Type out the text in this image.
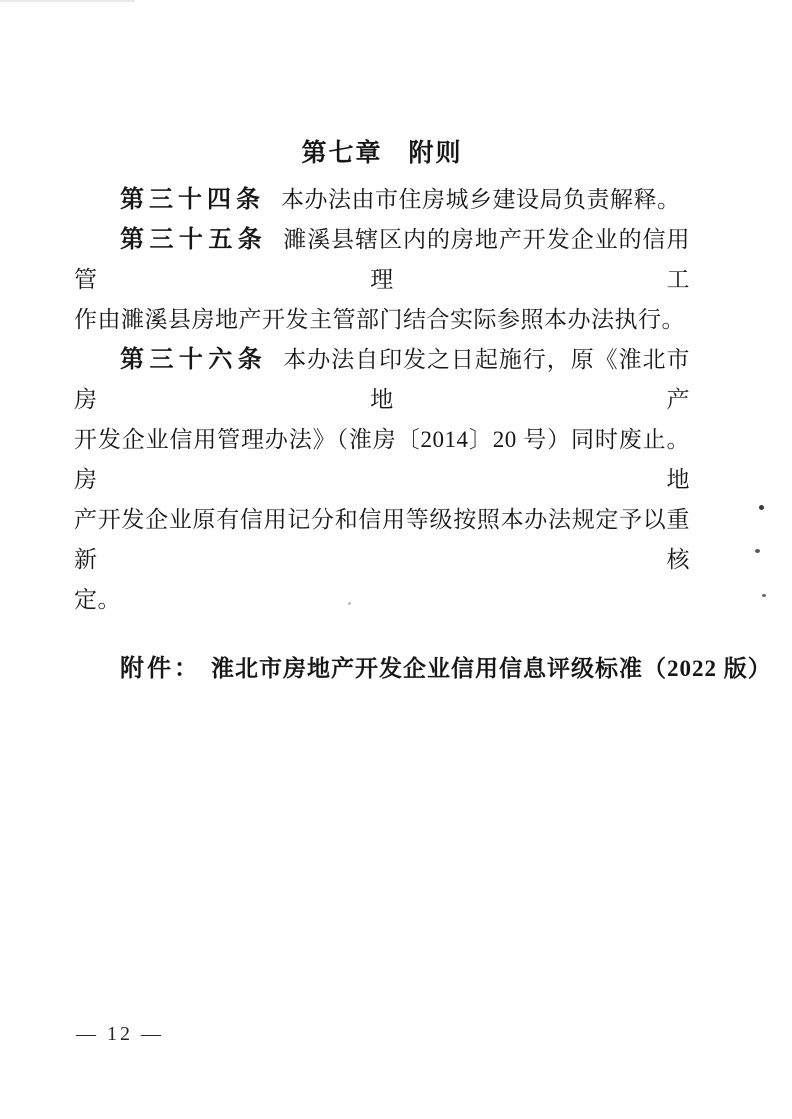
第七章 附则
第三十四条 本办法由市住房城乡建设局负责解释。
第三十五条 濉溪县辖区内的房地产开发企业的信用管理工
作由濉溪县房地产开发主管部门结合实际参照本办法执行。
第三十六条 本办法自印发之日起施行，原《淮北市房地产
开发企业信用管理办法》（淮房〔2014〕20 号）同时废止。房地
产开发企业原有信用记分和信用等级按照本办法规定予以重新核
定。
附件： 淮北市房地产开发企业信用信息评级标准（2022 版）
— 12 —
